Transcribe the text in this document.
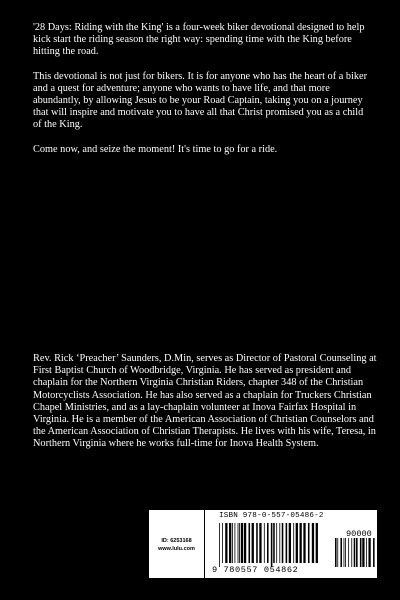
'28 Days: Riding with the King' is a four-week biker devotional designed to help kick start the riding season the right way: spending time with the King before hitting the road.

This devotional is not just for bikers. It is for anyone who has the heart of a biker and a quest for adventure; anyone who wants to have life, and that more abundantly, by allowing Jesus to be your Road Captain, taking you on a journey that will inspire and motivate you to have all that Christ promised you as a child of the King.

Come now, and seize the moment! It's time to go for a ride.

Rev. Rick ‘Preacher’ Saunders, D.Min, serves as Director of Pastoral Counseling at First Baptist Church of Woodbridge, Virginia. He has served as president and chaplain for the Northern Virginia Christian Riders, chapter 348 of the Christian Motorcyclists Association. He has also served as a chaplain for Truckers Christian Chapel Ministries, and as a lay-chaplain volunteer at Inova Fairfax Hospital in Virginia. He is a member of the American Association of Christian Counselors and the American Association of Christian Therapists. He lives with his wife, Teresa, in Northern Virginia where he works full-time for Inova Health System.

ID: 6253168
www.lulu.com
ISBN 978-0-557-05486-2
90000
9 780557 054862
